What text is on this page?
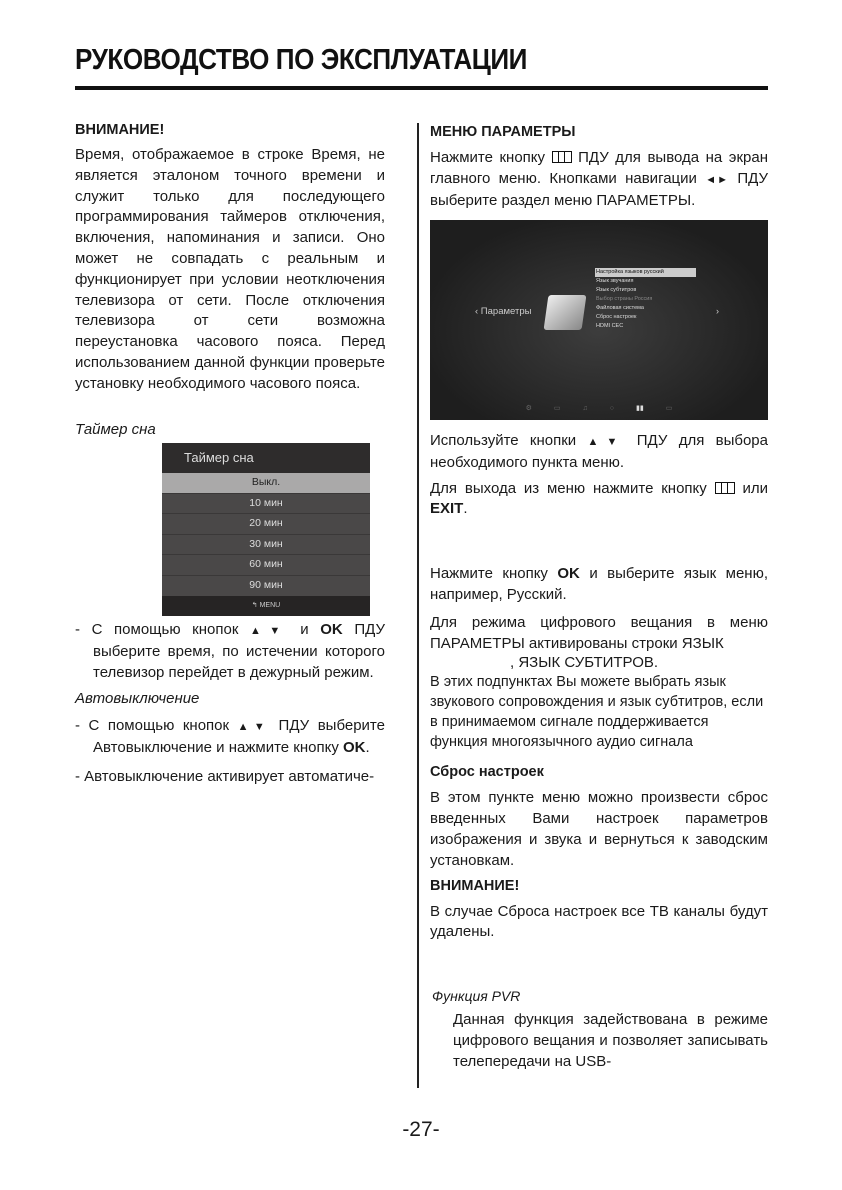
РУКОВОДСТВО ПО ЭКСПЛУАТАЦИИ
ВНИМАНИЕ!
Время, отображаемое в строке Время, не является эталоном точного времени и служит только для последующего программирования таймеров отключения, включения, напоминания и записи. Оно может не совпадать с реальным и функционирует при условии неотключения телевизора от сети. После отключения телевизора от сети возможна переустановка часового пояса. Перед использованием данной функции проверьте установку необходимого часового пояса.
Таймер сна
Таймер сна
Выкл.
10 мин
20 мин
30 мин
60 мин
90 мин
↰ MENU
- С помощью кнопок ▲▼ и OK ПДУ выберите время, по истечении которого телевизор перейдет в дежурный режим.
Автовыключение
- С помощью кнопок ▲▼ ПДУ выберите Автовыключение и нажмите кнопку OK.
- Автовыключение активирует автоматиче-
МЕНЮ ПАРАМЕТРЫ
Нажмите кнопку  ПДУ для вывода на экран главного меню. Кнопками навигации ◄► ПДУ выберите раздел меню ПАРАМЕТРЫ.
‹ Параметры
Настройка языков русский
Язык звучания
Язык субтитров
Выбор страны Россия
Файловая система
Сброс настроек
HDMI CEC
›
⚙	▭	♫	○	▮▮	▭
Используйте кнопки ▲▼ ПДУ для выбора необходимого пункта меню.
Для выхода из меню нажмите кнопку  или EXIT.
Нажмите кнопку OK и выберите язык меню, например, Русский.
Для режима цифрового вещания в меню ПАРАМЕТРЫ активированы строки ЯЗЫК
, ЯЗЫК СУБТИТРОВ.
В этих подпунктах Вы можете выбрать язык звукового сопровождения и язык субтитров, если в принимаемом сигнале поддерживается функция многоязычного аудио сигнала
Сброс настроек
В этом пункте меню можно произвести сброс введенных Вами настроек параметров изображения и звука и вернуться к заводским установкам.
ВНИМАНИЕ!
В случае Сброса настроек все ТВ каналы будут удалены.
Функция PVR
Данная функция задействована в режиме цифрового вещания и позволяет записывать телепередачи на USB-
-27-
